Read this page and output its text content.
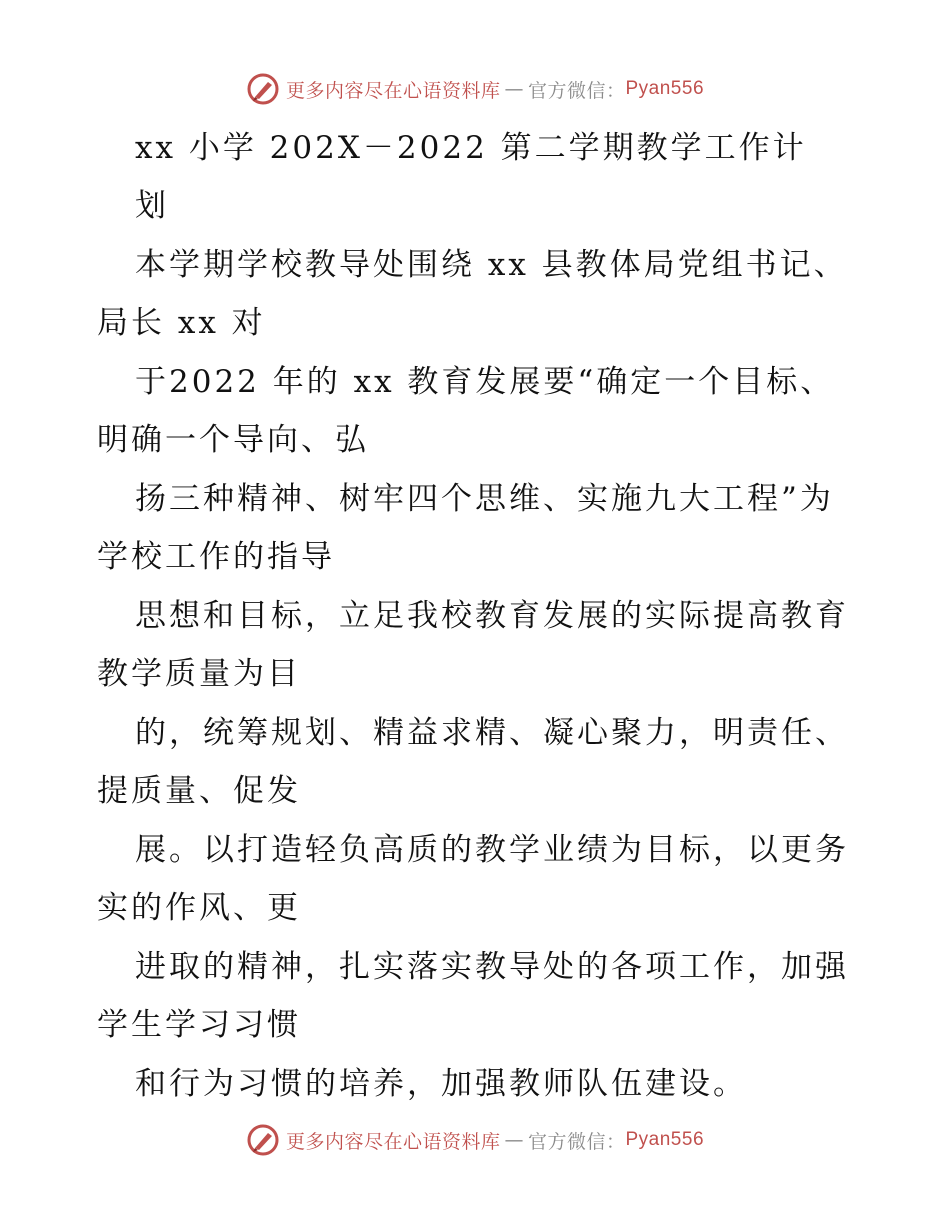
更多内容尽在心语资料库 — 官方微信： Pyan556
xx 小学 202X－2022 第二学期教学工作计
划
本学期学校教导处围绕 xx 县教体局党组书记、
局长 xx 对
于2022 年的 xx 教育发展要“确定一个目标、
明确一个导向、弘
扬三种精神、树牢四个思维、实施九大工程”为
学校工作的指导
思想和目标，立足我校教育发展的实际提高教育
教学质量为目
的，统筹规划、精益求精、凝心聚力，明责任、
提质量、促发
展。以打造轻负高质的教学业绩为目标，以更务
实的作风、更
进取的精神，扎实落实教导处的各项工作，加强
学生学习习惯
和行为习惯的培养，加强教师队伍建设。
更多内容尽在心语资料库 — 官方微信： Pyan556
